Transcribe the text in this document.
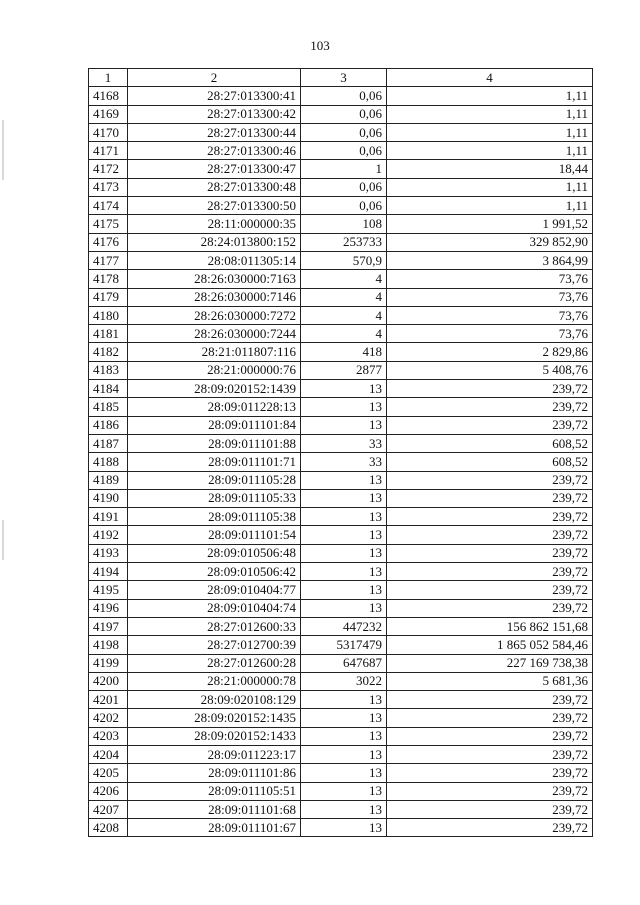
103
1	2	3	4
4168	28:27:013300:41	0,06	1,11
4169	28:27:013300:42	0,06	1,11
4170	28:27:013300:44	0,06	1,11
4171	28:27:013300:46	0,06	1,11
4172	28:27:013300:47	1	18,44
4173	28:27:013300:48	0,06	1,11
4174	28:27:013300:50	0,06	1,11
4175	28:11:000000:35	108	1 991,52
4176	28:24:013800:152	253733	329 852,90
4177	28:08:011305:14	570,9	3 864,99
4178	28:26:030000:7163	4	73,76
4179	28:26:030000:7146	4	73,76
4180	28:26:030000:7272	4	73,76
4181	28:26:030000:7244	4	73,76
4182	28:21:011807:116	418	2 829,86
4183	28:21:000000:76	2877	5 408,76
4184	28:09:020152:1439	13	239,72
4185	28:09:011228:13	13	239,72
4186	28:09:011101:84	13	239,72
4187	28:09:011101:88	33	608,52
4188	28:09:011101:71	33	608,52
4189	28:09:011105:28	13	239,72
4190	28:09:011105:33	13	239,72
4191	28:09:011105:38	13	239,72
4192	28:09:011101:54	13	239,72
4193	28:09:010506:48	13	239,72
4194	28:09:010506:42	13	239,72
4195	28:09:010404:77	13	239,72
4196	28:09:010404:74	13	239,72
4197	28:27:012600:33	447232	156 862 151,68
4198	28:27:012700:39	5317479	1 865 052 584,46
4199	28:27:012600:28	647687	227 169 738,38
4200	28:21:000000:78	3022	5 681,36
4201	28:09:020108:129	13	239,72
4202	28:09:020152:1435	13	239,72
4203	28:09:020152:1433	13	239,72
4204	28:09:011223:17	13	239,72
4205	28:09:011101:86	13	239,72
4206	28:09:011105:51	13	239,72
4207	28:09:011101:68	13	239,72
4208	28:09:011101:67	13	239,72
